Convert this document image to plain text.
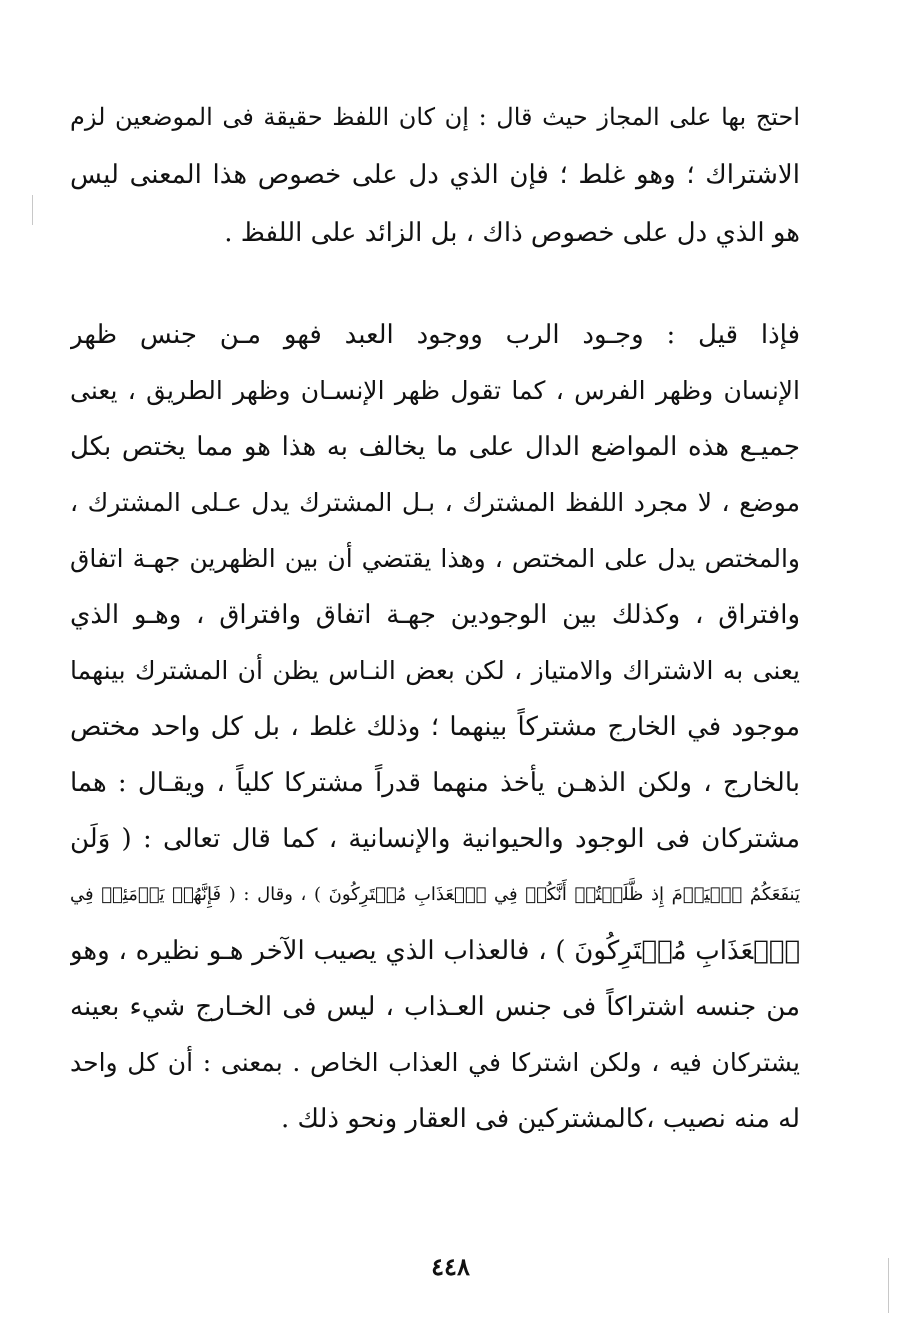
احتج بها على المجاز حيث قال : إن كان اللفظ حقيقة فى الموضعين لزم
الاشتراك ؛ وهو غلط ؛ فإن الذي دل على خصوص هذا المعنى ليس
هو الذي دل على خصوص ذاك ، بل الزائد على اللفظ .
فإذا قيل : وجـود الرب ووجود العبد فهو مـن جنس ظهر
الإنسان وظهر الفرس ، كما تقول ظهر الإنسـان وظهر الطريق ، يعنى
جميـع هذه المواضع الدال على ما يخالف به هذا هو مما يختص بكل
موضع ، لا مجرد اللفظ المشترك ، بـل المشترك يدل عـلى المشترك ،
والمختص يدل على المختص ، وهذا يقتضي أن بين الظهرين جهـة اتفاق
وافتراق ، وكذلك بين الوجودين جهـة اتفاق وافتراق ، وهـو الذي
يعنى به الاشتراك والامتياز ، لكن بعض النـاس يظن أن المشترك بينهما
موجود في الخارج مشتركاً بينهما ؛ وذلك غلط ، بل كل واحد مختص
بالخارج ، ولكن الذهـن يأخذ منهما قدراً مشتركا كلياً ، ويقـال : هما
مشتركان فى الوجود والحيوانية والإنسانية ، كما قال تعالى : ( وَلَن
يَنفَعَكُمُ ٱلۡيَوۡمَ إِذ ظَّلَمۡتُمۡ أَنَّكُمۡ فِي ٱلۡعَذَابِ مُشۡتَرِكُونَ ) ، وقال : ( فَإِنَّهُمۡ يَوۡمَئِذٖ فِي
ٱلۡعَذَابِ مُشۡتَرِكُونَ ) ، فالعذاب الذي يصيب الآخر هـو نظيره ، وهو
من جنسه اشتراكاً فى جنس العـذاب ، ليس فى الخـارج شيء بعينه
يشتركان فيه ، ولكن اشتركا في العذاب الخاص . بمعنى : أن كل واحد
له منه نصيب ،كالمشتركين فى العقار ونحو ذلك .
٤٤٨
